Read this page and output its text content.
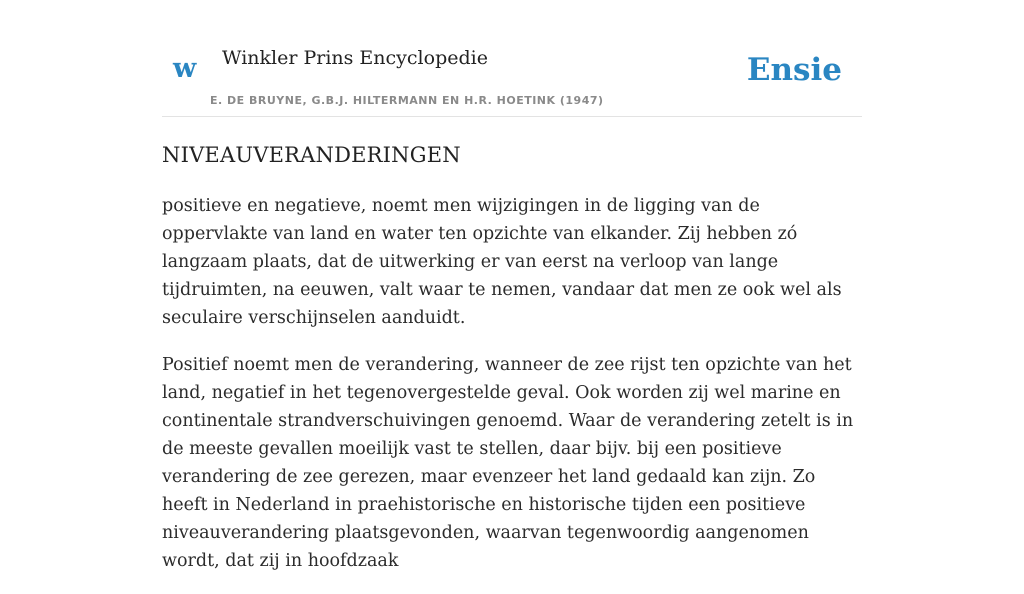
w Winkler Prins Encyclopedie
E. DE BRUYNE, G.B.J. HILTERMANN EN H.R. HOETINK (1947)
Ensie
NIVEAUVERANDERINGEN

positieve en negatieve, noemt men wijzigingen in de ligging van de oppervlakte van land en water ten opzichte van elkander. Zij hebben zó langzaam plaats, dat de uitwerking er van eerst na verloop van lange tijdruimten, na eeuwen, valt waar te nemen, vandaar dat men ze ook wel als seculaire verschijnselen aanduidt.

Positief noemt men de verandering, wanneer de zee rijst ten opzichte van het land, negatief in het tegenovergestelde geval. Ook worden zij wel marine en continentale strandverschuivingen genoemd. Waar de verandering zetelt is in de meeste gevallen moeilijk vast te stellen, daar bijv. bij een positieve verandering de zee gerezen, maar evenzeer het land gedaald kan zijn. Zo heeft in Nederland in praehistorische en historische tijden een positieve niveauverandering plaatsgevonden, waarvan tegenwoordig aangenomen wordt, dat zij in hoofdzaak
